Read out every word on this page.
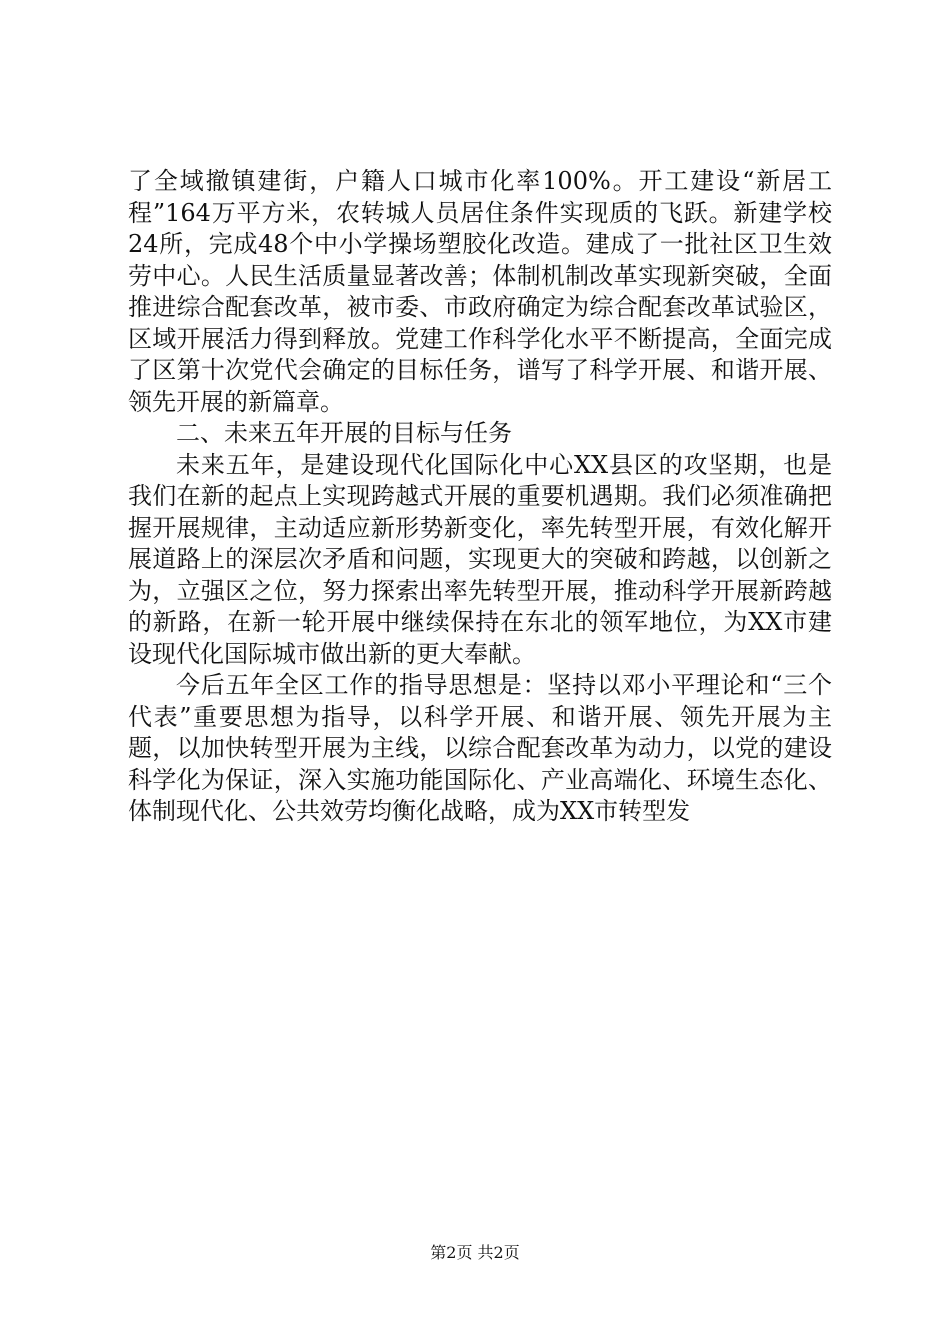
了全域撤镇建街，户籍人口城市化率100%。开工建设“新居工程”164万平方米，农转城人员居住条件实现质的飞跃。新建学校24所，完成48个中小学操场塑胶化改造。建成了一批社区卫生效劳中心。人民生活质量显著改善；体制机制改革实现新突破，全面推进综合配套改革，被市委、市政府确定为综合配套改革试验区，区域开展活力得到释放。党建工作科学化水平不断提高，全面完成了区第十次党代会确定的目标任务，谱写了科学开展、和谐开展、领先开展的新篇章。

二、未来五年开展的目标与任务

未来五年，是建设现代化国际化中心XX县区的攻坚期，也是我们在新的起点上实现跨越式开展的重要机遇期。我们必须准确把握开展规律，主动适应新形势新变化，率先转型开展，有效化解开展道路上的深层次矛盾和问题，实现更大的突破和跨越，以创新之为，立强区之位，努力探索出率先转型开展，推动科学开展新跨越的新路，在新一轮开展中继续保持在东北的领军地位，为XX市建设现代化国际城市做出新的更大奉献。

今后五年全区工作的指导思想是：坚持以邓小平理论和“三个代表”重要思想为指导，以科学开展、和谐开展、领先开展为主题，以加快转型开展为主线，以综合配套改革为动力，以党的建设科学化为保证，深入实施功能国际化、产业高端化、环境生态化、体制现代化、公共效劳均衡化战略，成为XX市转型发

第2页 共2页
